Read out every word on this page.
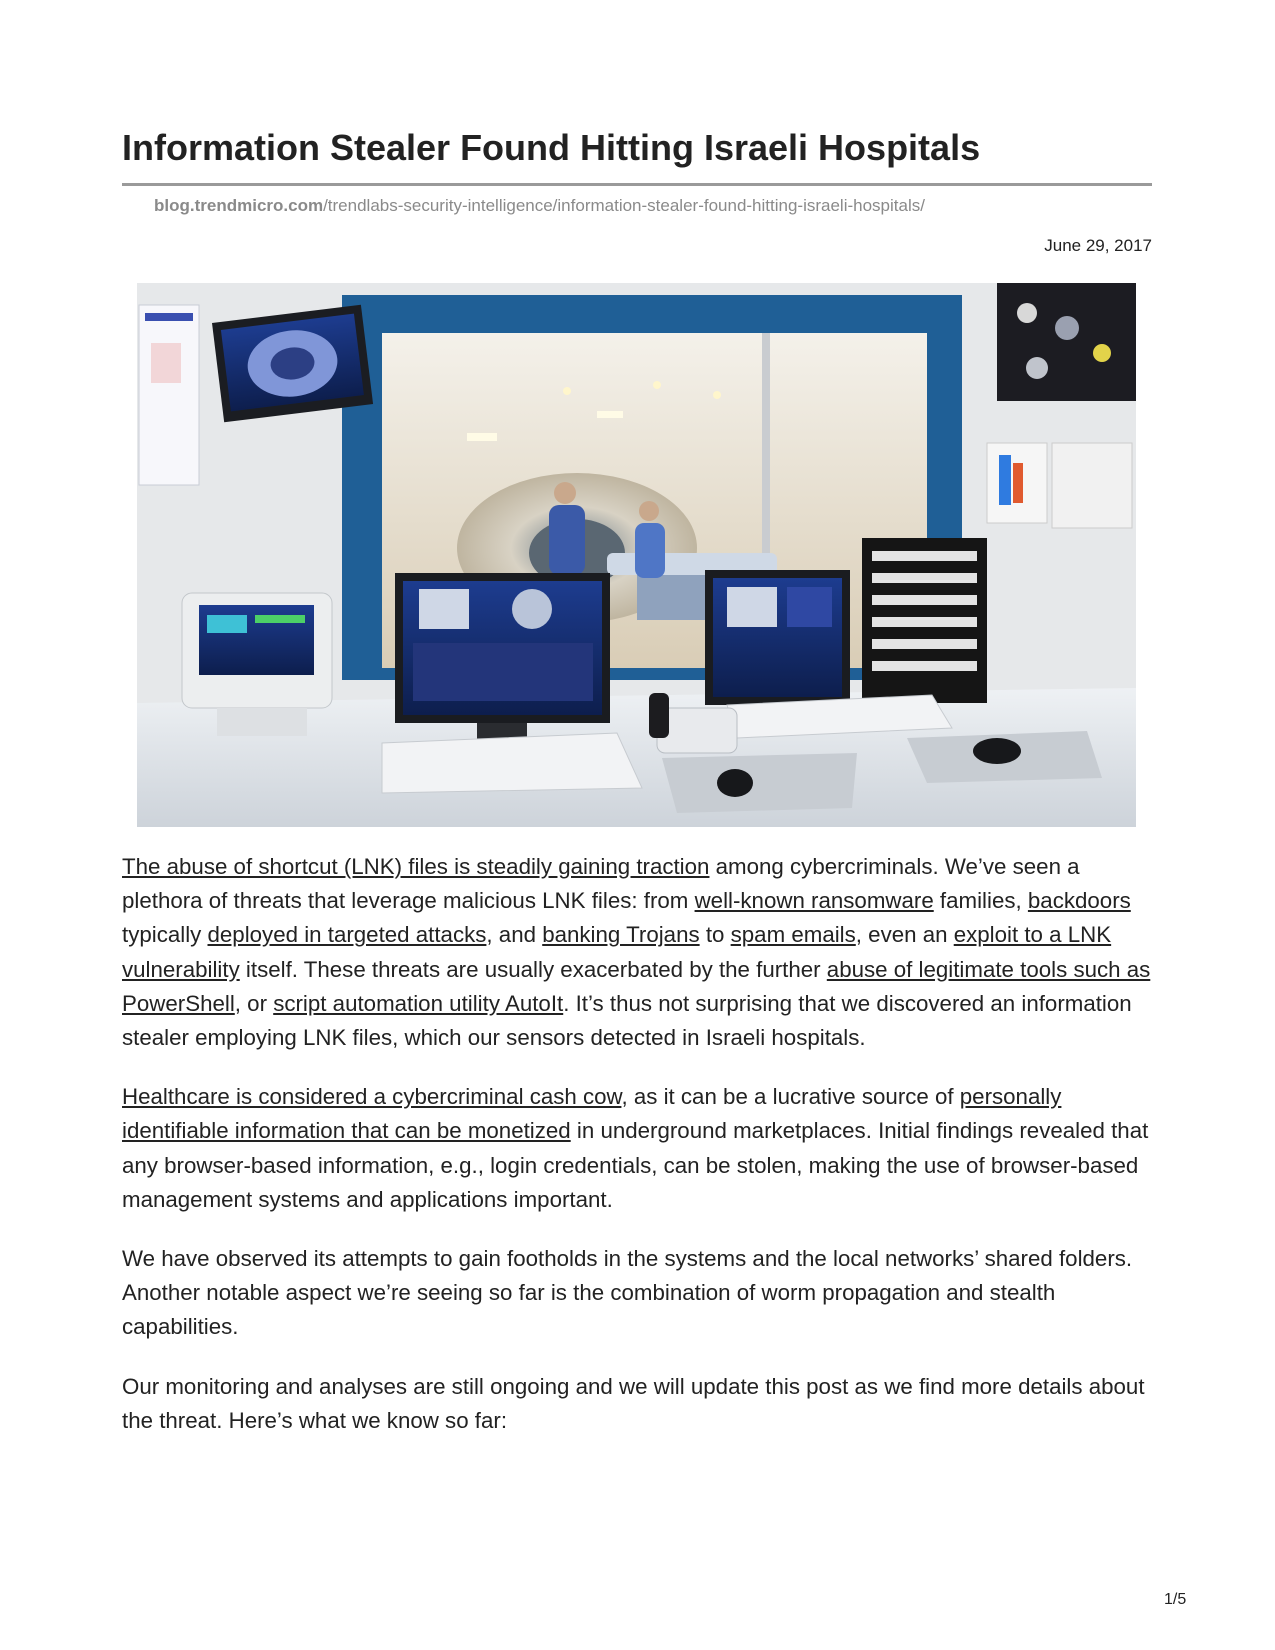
Information Stealer Found Hitting Israeli Hospitals
blog.trendmicro.com/trendlabs-security-intelligence/information-stealer-found-hitting-israeli-hospitals/
June 29, 2017

The abuse of shortcut (LNK) files is steadily gaining traction among cybercriminals. We’ve seen a plethora of threats that leverage malicious LNK files: from well-known ransomware families, backdoors typically deployed in targeted attacks, and banking Trojans to spam emails, even an exploit to a LNK vulnerability itself. These threats are usually exacerbated by the further abuse of legitimate tools such as PowerShell, or script automation utility AutoIt. It’s thus not surprising that we discovered an information stealer employing LNK files, which our sensors detected in Israeli hospitals.

Healthcare is considered a cybercriminal cash cow, as it can be a lucrative source of personally identifiable information that can be monetized in underground marketplaces. Initial findings revealed that any browser-based information, e.g., login credentials, can be stolen, making the use of browser-based management systems and applications important.

We have observed its attempts to gain footholds in the systems and the local networks’ shared folders. Another notable aspect we’re seeing so far is the combination of worm propagation and stealth capabilities.

Our monitoring and analyses are still ongoing and we will update this post as we find more details about the threat. Here’s what we know so far:

1/5
